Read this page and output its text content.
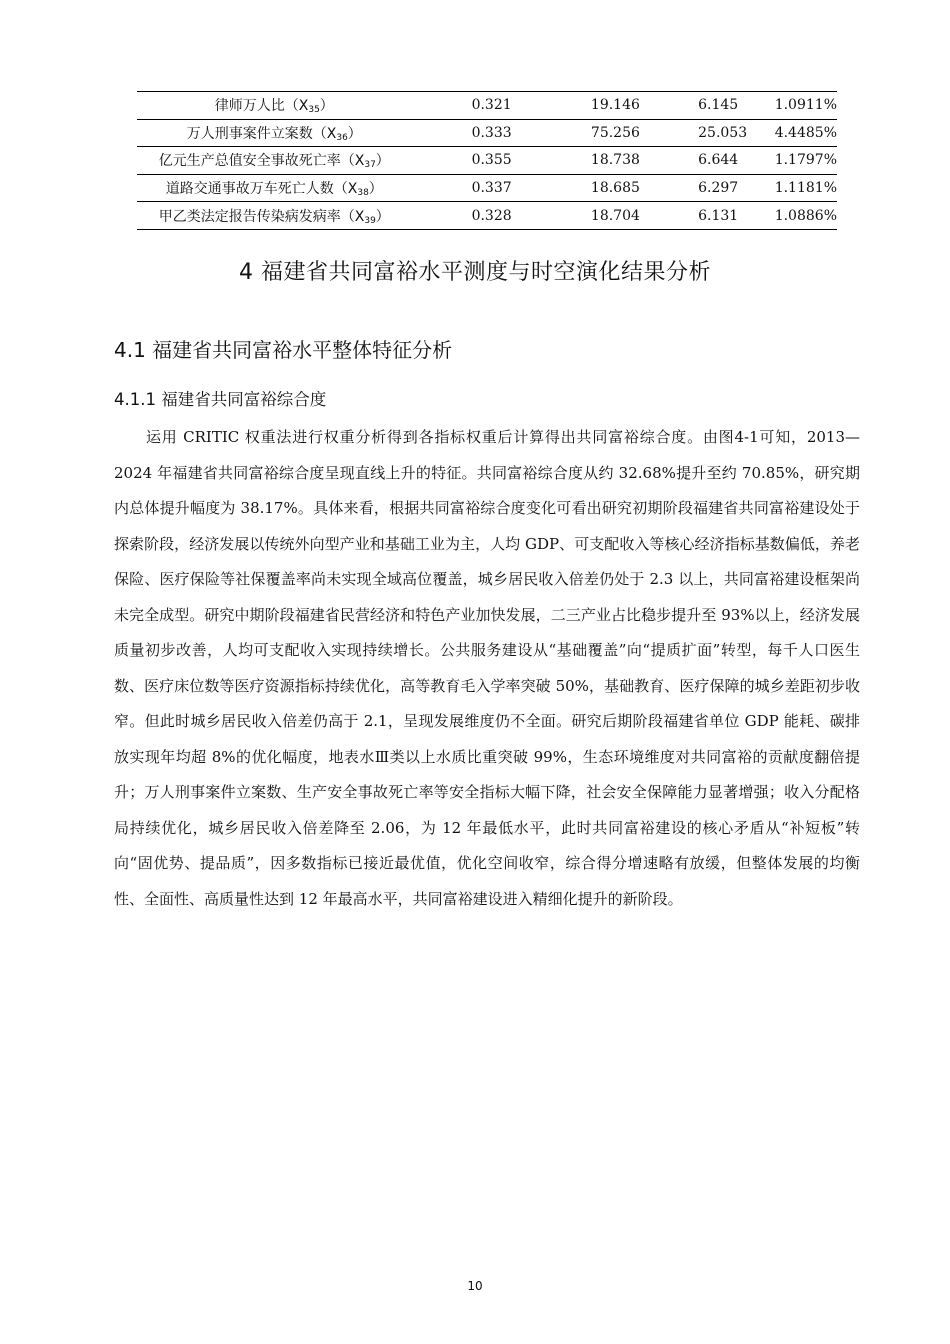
律师万人比$(X_{35})$	0.321	19.146	6.145	1.0911%
万人刑事案件立案数$(X_{36})$	0.333	75.256	25.053	4.4485%
亿元生产总值安全事故死亡率$(X_{37})$	0.355	18.738	6.644	1.1797%
道路交通事故万车死亡人数$(X_{38})$	0.337	18.685	6.297	1.1181%
甲乙类法定报告传染病发病率$(X_{39})$	0.328	18.704	6.131	1.0886%
4 福建省共同富裕水平测度与时空演化结果分析
4.1 福建省共同富裕水平整体特征分析
4.1.1 福建省共同富裕综合度

运用 CRITIC 权重法进行权重分析得到各指标权重后计算得出共同富裕综合度。由图4-1可知，2013—2024 年福建省共同富裕综合度呈现直线上升的特征。共同富裕综合度从约 32.68%提升至约 70.85%，研究期内总体提升幅度为 38.17%。具体来看，根据共同富裕综合度变化可看出研究初期阶段福建省共同富裕建设处于探索阶段，经济发展以传统外向型产业和基础工业为主，人均 GDP、可支配收入等核心经济指标基数偏低，养老保险、医疗保险等社保覆盖率尚未实现全域高位覆盖，城乡居民收入倍差仍处于 2.3 以上，共同富裕建设框架尚未完全成型。研究中期阶段福建省民营经济和特色产业加快发展，二三产业占比稳步提升至 93%以上，经济发展质量初步改善，人均可支配收入实现持续增长。公共服务建设从“基础覆盖”向“提质扩面”转型，每千人口医生数、医疗床位数等医疗资源指标持续优化，高等教育毛入学率突破 50%，基础教育、医疗保障的城乡差距初步收窄。但此时城乡居民收入倍差仍高于 2.1，呈现发展维度仍不全面。研究后期阶段福建省单位 GDP 能耗、碳排放实现年均超 8%的优化幅度，地表水Ⅲ类以上水质比重突破 99%，生态环境维度对共同富裕的贡献度翻倍提升；万人刑事案件立案数、生产安全事故死亡率等安全指标大幅下降，社会安全保障能力显著增强；收入分配格局持续优化，城乡居民收入倍差降至 2.06，为 12 年最低水平，此时共同富裕建设的核心矛盾从“补短板”转向“固优势、提品质”，因多数指标已接近最优值，优化空间收窄，综合得分增速略有放缓，但整体发展的均衡性、全面性、高质量性达到 12 年最高水平，共同富裕建设进入精细化提升的新阶段。

10
